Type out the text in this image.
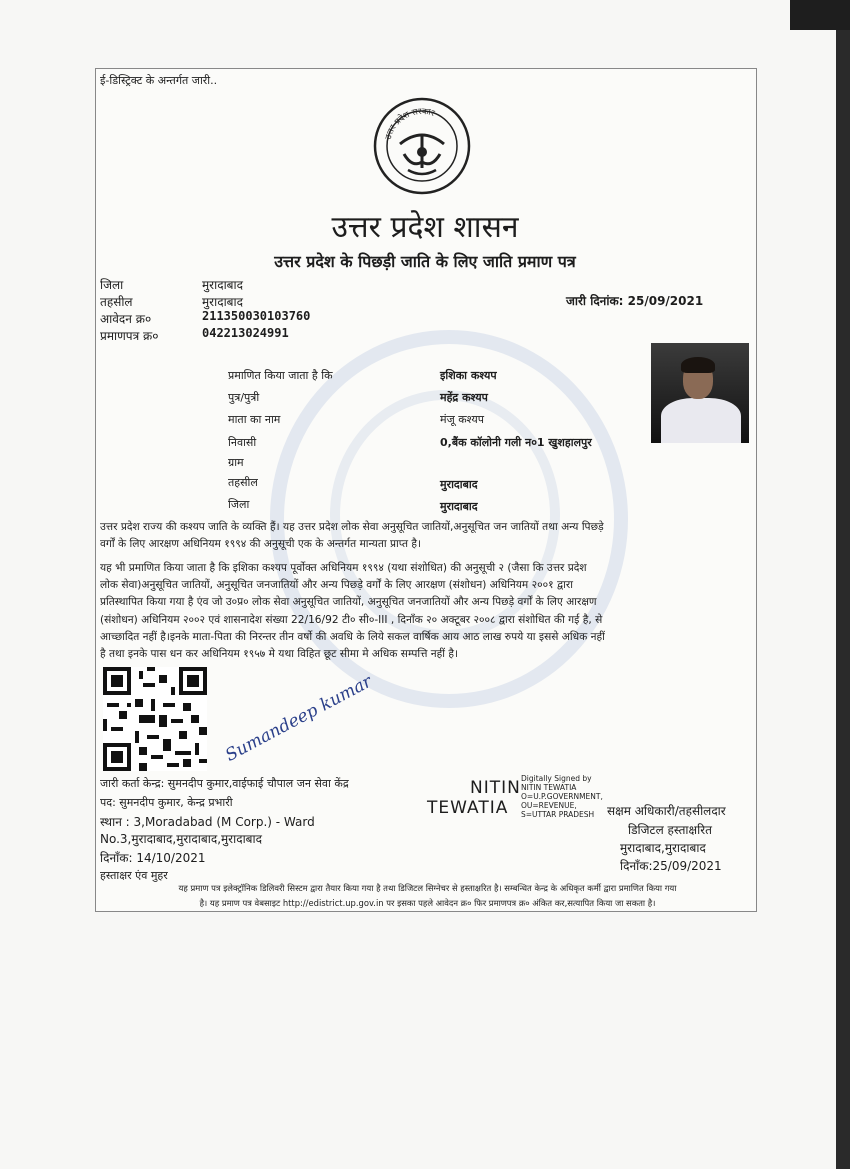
ई-डिस्ट्रिक्ट के अन्तर्गत जारी..
उत्तर प्रदेश सरकार
उत्तर प्रदेश शासन
उत्तर प्रदेश के पिछड़ी जाति के लिए जाति प्रमाण पत्र
जिला	मुरादाबाद
तहसील	मुरादाबाद	जारी दिनांक: 25/09/2021
आवेदन क्र०	211350030103760
प्रमाणपत्र क्र०	042213024991
प्रमाणित किया जाता है कि	इशिका कश्यप
पुत्र/पुत्री	महेंद्र कश्यप
माता का नाम	मंजू कश्यप
निवासी	0,बैंक कॉलोनी गली न०1 खुशहालपुर
ग्राम
तहसील	मुरादाबाद
जिला	मुरादाबाद
उत्तर प्रदेश राज्य की कश्यप जाति के व्यक्ति हैं। यह उत्तर प्रदेश लोक सेवा अनुसूचित जातियों,अनुसूचित जन जातियों तथा अन्य पिछड़े
वर्गों के लिए आरक्षण अधिनियम १९९४ की अनुसूची एक के अन्तर्गत मान्यता प्राप्त है।
यह भी प्रमाणित किया जाता है कि इशिका कश्यप पूर्वोक्त अधिनियम १९९४ (यथा संशोधित) की अनुसूची २ (जैसा कि उत्तर प्रदेश
लोक सेवा)अनुसूचित जातियों, अनुसूचित जनजातियों और अन्य पिछड़े वर्गों के लिए आरक्षण (संशोधन) अधिनियम २००१ द्वारा
प्रतिस्थापित किया गया है एंव जो उ०प्र० लोक सेवा अनुसूचित जातियों, अनुसूचित जनजातियों और अन्य पिछड़े वर्गों के लिए आरक्षण
(संशोधन) अधिनियम २००२ एवं शासनादेश संख्या 22/16/92 टी० सी०-III , दिनाँक २० अक्टूबर २००८ द्वारा संशोधित की गई है, से
आच्छादित नहीं है।इनके माता-पिता की निरन्तर तीन वर्षो की अवधि के लिये सकल वार्षिक आय आठ लाख रुपये या इससे अधिक नहीं
है तथा इनके पास धन कर अधिनियम १९५७ मे यथा विहित छूट सीमा मे अधिक सम्पत्ति नहीं है।
Sumandeep kumar
जारी कर्ता केन्द्र: सुमनदीप कुमार,वाईफाई चौपाल जन सेवा केंद्र
पद: सुमनदीप कुमार, केन्द्र प्रभारी
स्थान : 3,Moradabad (M Corp.) - Ward
No.3,मुरादाबाद,मुरादाबाद,मुरादाबाद
दिनाँक: 14/10/2021
हस्ताक्षर एंव मुहर
NITIN
TEWATIA
Digitally Signed by
NITIN TEWATIA
O=U.P.GOVERNMENT,
OU=REVENUE,
S=UTTAR PRADESH	सक्षम अधिकारी/तहसीलदार
डिजिटल हस्ताक्षरित
मुरादाबाद,मुरादाबाद
दिनाँक:25/09/2021
यह प्रमाण पत्र इलेक्ट्रॉनिक डिलिवरी सिस्टम द्वारा तैयार किया गया है तथा डिजिटल सिग्नेचर से हस्ताक्षरित है। सम्बन्धित केन्द्र के अधिकृत कर्मी द्वारा प्रमाणित किया गया
है। यह प्रमाण पत्र वेबसाइट http://edistrict.up.gov.in पर इसका पहले आवेदन क्र० फिर प्रमाणपत्र क्र० अंकित कर,सत्यापित किया जा सकता है।
